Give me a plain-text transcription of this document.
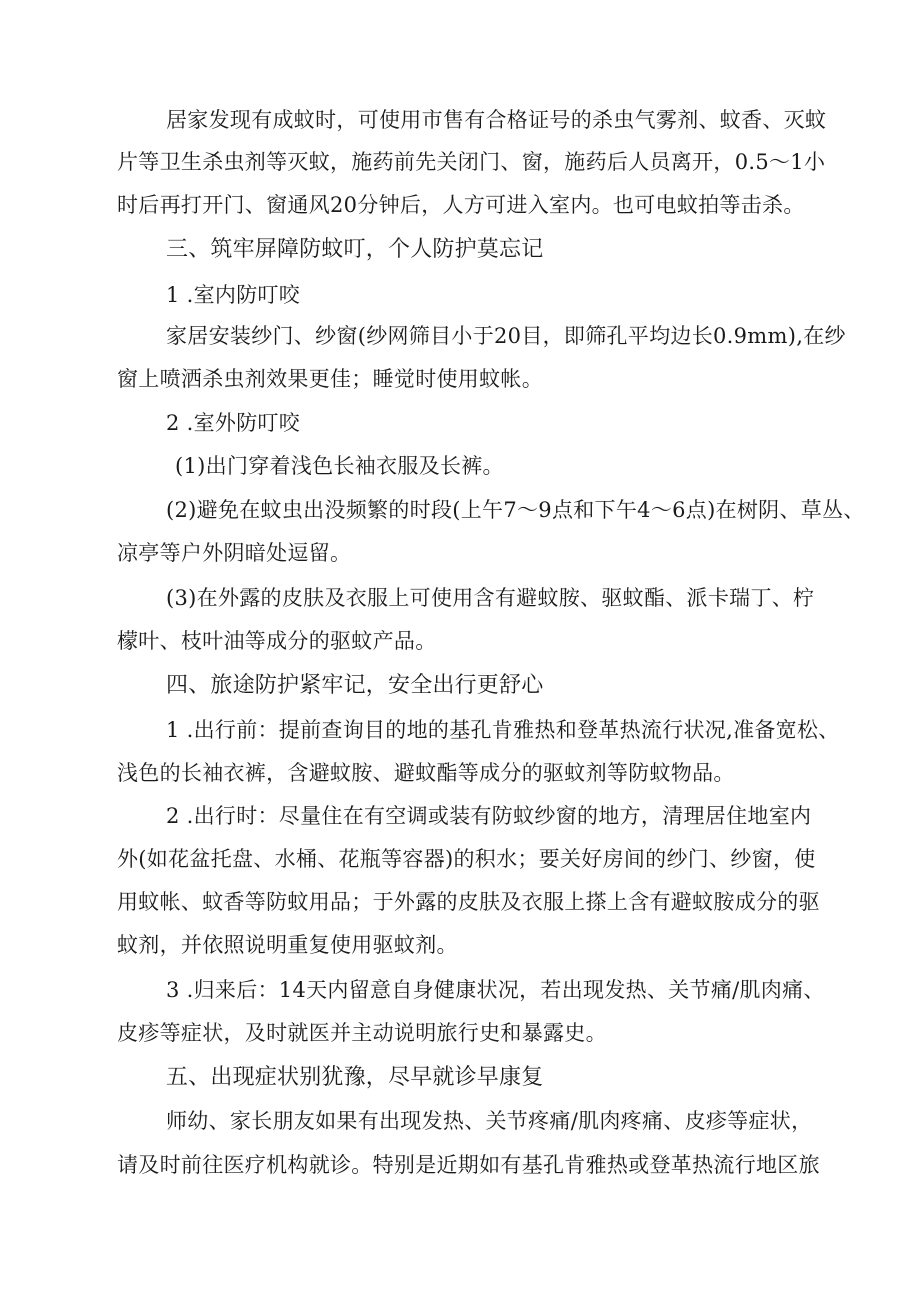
居家发现有成蚊时，可使用市售有合格证号的杀虫气雾剂、蚊香、灭蚊
片等卫生杀虫剂等灭蚊，施药前先关闭门、窗，施药后人员离开，0.5～1小
时后再打开门、窗通风20分钟后，人方可进入室内。也可电蚊拍等击杀。
三、筑牢屏障防蚊叮，个人防护莫忘记
1 .室内防叮咬
家居安装纱门、纱窗(纱网筛目小于20目，即筛孔平均边长0.9mm),在纱
窗上喷洒杀虫剂效果更佳；睡觉时使用蚊帐。
2 .室外防叮咬
(1)出门穿着浅色长袖衣服及长裤。
(2)避免在蚊虫出没频繁的时段(上午7～9点和下午4～6点)在树阴、草丛、
凉亭等户外阴暗处逗留。
(3)在外露的皮肤及衣服上可使用含有避蚊胺、驱蚊酯、派卡瑞丁、柠
檬叶、枝叶油等成分的驱蚊产品。
四、旅途防护紧牢记，安全出行更舒心
1 .出行前：提前查询目的地的基孔肯雅热和登革热流行状况,准备宽松、
浅色的长袖衣裤，含避蚊胺、避蚊酯等成分的驱蚊剂等防蚊物品。
2 .出行时：尽量住在有空调或装有防蚊纱窗的地方，清理居住地室内
外(如花盆托盘、水桶、花瓶等容器)的积水；要关好房间的纱门、纱窗，使
用蚊帐、蚊香等防蚊用品；于外露的皮肤及衣服上搽上含有避蚊胺成分的驱
蚊剂，并依照说明重复使用驱蚊剂。
3 .归来后：14天内留意自身健康状况，若出现发热、关节痛/肌肉痛、
皮疹等症状，及时就医并主动说明旅行史和暴露史。
五、出现症状别犹豫，尽早就诊早康复
师幼、家长朋友如果有出现发热、关节疼痛/肌肉疼痛、皮疹等症状，
请及时前往医疗机构就诊。特别是近期如有基孔肯雅热或登革热流行地区旅
